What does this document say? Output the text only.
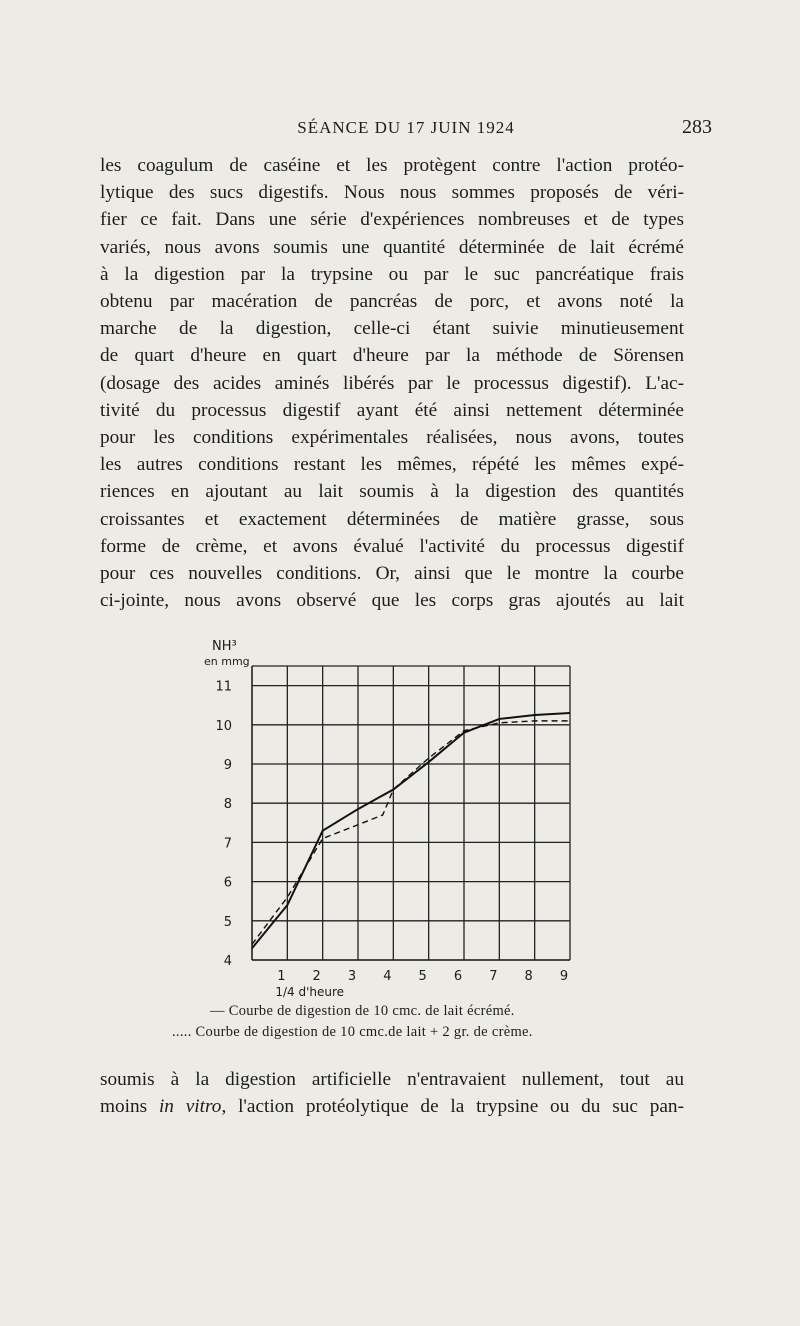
SÉANCE DU 17 JUIN 1924	283
les coagulum de caséine et les protègent contre l'action protéo-
lytique des sucs digestifs. Nous nous sommes proposés de véri-
fier ce fait. Dans une série d'expériences nombreuses et de types
variés, nous avons soumis une quantité déterminée de lait écrémé
à la digestion par la trypsine ou par le suc pancréatique frais
obtenu par macération de pancréas de porc, et avons noté la
marche de la digestion, celle-ci étant suivie minutieusement
de quart d'heure en quart d'heure par la méthode de Sörensen
(dosage des acides aminés libérés par le processus digestif). L'ac-
tivité du processus digestif ayant été ainsi nettement déterminée
pour les conditions expérimentales réalisées, nous avons, toutes
les autres conditions restant les mêmes, répété les mêmes expé-
riences en ajoutant au lait soumis à la digestion des quantités
croissantes et exactement déterminées de matière grasse, sous
forme de crème, et avons évalué l'activité du processus digestif
pour ces nouvelles conditions. Or, ainsi que le montre la courbe
ci-jointe, nous avons observé que les corps gras ajoutés au lait
11
10
9
8
7
6
5
4
1 2 3 4 5 6 7 8 9
NH³
en mmg
1/4 d'heure
— Courbe de digestion de 10 cmc. de lait écrémé.
..... Courbe de digestion de 10 cmc.de lait + 2 gr. de crème.
soumis à la digestion artificielle n'entravaient nullement, tout au
moins in vitro, l'action protéolytique de la trypsine ou du suc pan-
